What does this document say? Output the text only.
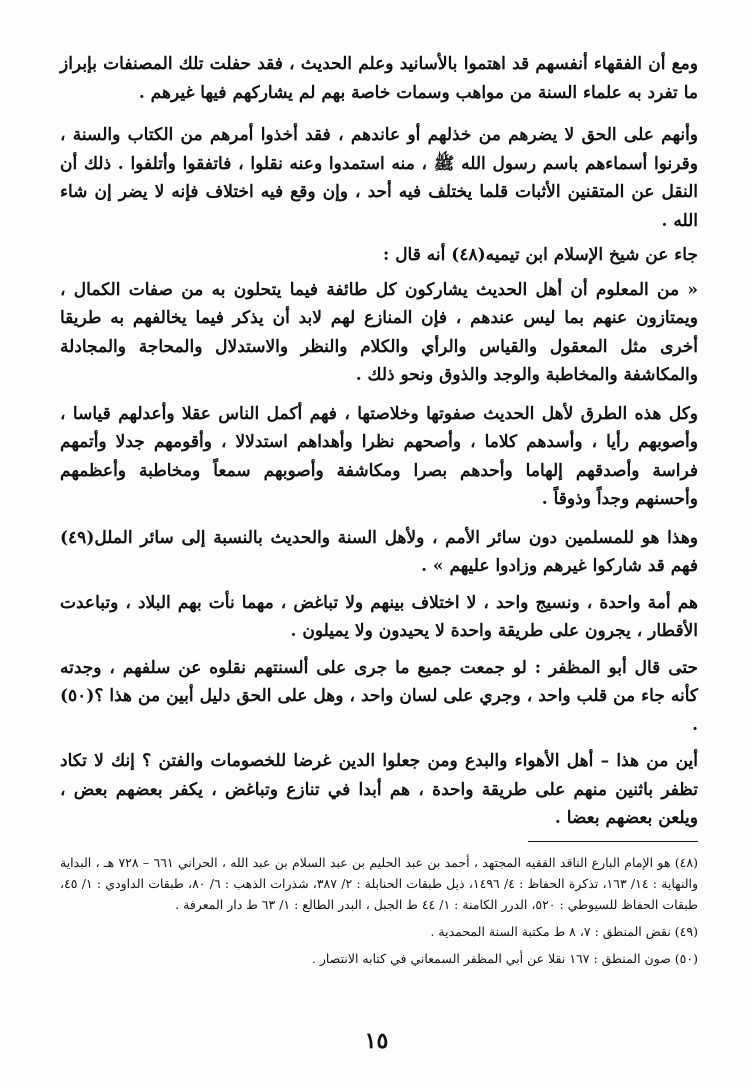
ومع أن الفقهاء أنفسهم قد اهتموا بالأسانيد وعلم الحديث ، فقد حفلت تلك المصنفات بإبراز ما تفرد به علماء السنة من مواهب وسمات خاصة بهم لم يشاركهم فيها غيرهم .

وأنهم على الحق لا يضرهم من خذلهم أو عاندهم ، فقد أخذوا أمرهم من الكتاب والسنة ، وقرنوا أسماءهم باسم رسول الله ﷺ ، منه استمدوا وعنه نقلوا ، فاتفقوا وأتلفوا . ذلك أن النقل عن المتقنين الأثبات قلما يختلف فيه أحد ، وإن وقع فيه اختلاف فإنه لا يضر إن شاء الله .

جاء عن شيخ الإسلام ابن تيميه(٤٨) أنه قال :

« من المعلوم أن أهل الحديث يشاركون كل طائفة فيما يتحلون به من صفات الكمال ، ويمتازون عنهم بما ليس عندهم ، فإن المنازع لهم لابد أن يذكر فيما يخالفهم به طريقا أخرى مثل المعقول والقياس والرأي والكلام والنظر والاستدلال والمحاجة والمجادلة والمكاشفة والمخاطبة والوجد والذوق ونحو ذلك .

وكل هذه الطرق لأهل الحديث صفوتها وخلاصتها ، فهم أكمل الناس عقلا وأعدلهم قياسا ، وأصوبهم رأيا ، وأسدهم كلاما ، وأصحهم نظرا وأهداهم استدلالا ، وأقومهم جدلا وأتمهم فراسة وأصدقهم إلهاما وأحدهم بصرا ومكاشفة وأصوبهم سمعاً ومخاطبة وأعظمهم وأحسنهم وجداً وذوقاً .

وهذا هو للمسلمين دون سائر الأمم ، ولأهل السنة والحديث بالنسبة إلى سائر الملل(٤٩) فهم قد شاركوا غيرهم وزادوا عليهم » .

هم أمة واحدة ، ونسيج واحد ، لا اختلاف بينهم ولا تباغض ، مهما نأت بهم البلاد ، وتباعدت الأقطار ، يجرون على طريقة واحدة لا يحيدون ولا يميلون .

حتى قال أبو المظفر : لو جمعت جميع ما جرى على ألسنتهم نقلوه عن سلفهم ، وجدته كأنه جاء من قلب واحد ، وجري على لسان واحد ، وهل على الحق دليل أبين من هذا ؟(٥٠) .

أين من هذا – أهل الأهواء والبدع ومن جعلوا الدين غرضا للخصومات والفتن ؟ إنك لا تكاد تظفر باثنين منهم على طريقة واحدة ، هم أبدا في تنازع وتباغض ، يكفر بعضهم بعض ، ويلعن بعضهم بعضا .

(٤٨) هو الإمام البارع الناقد الفقيه المجتهد ، أحمد بن عبد الحليم بن عبد السلام بن عبد الله ، الحراني ٦٦١ – ٧٢٨ هـ ، البداية والنهاية : ١٤/ ١٦٣، تذكرة الحفاظ : ٤/ ١٤٩٦، ذيل طبقات الحنابلة : ٢/ ٣٨٧، شذرات الذهب : ٦/ ٨٠، طبقات الداودي : ١/ ٤٥، طبقات الحفاظ للسيوطي : ٥٢٠، الدرر الكامنة : ١/ ٤٤ ط الجبل ، البدر الطالع : ١/ ٦٣ ط دار المعرفة .

(٤٩) نقض المنطق : ٧، ٨ ط مكتبة السنة المحمدية .

(٥٠) صون المنطق : ١٦٧ نقلا عن أبي المظفر السمعاني في كتابه الانتصار .

١٥
